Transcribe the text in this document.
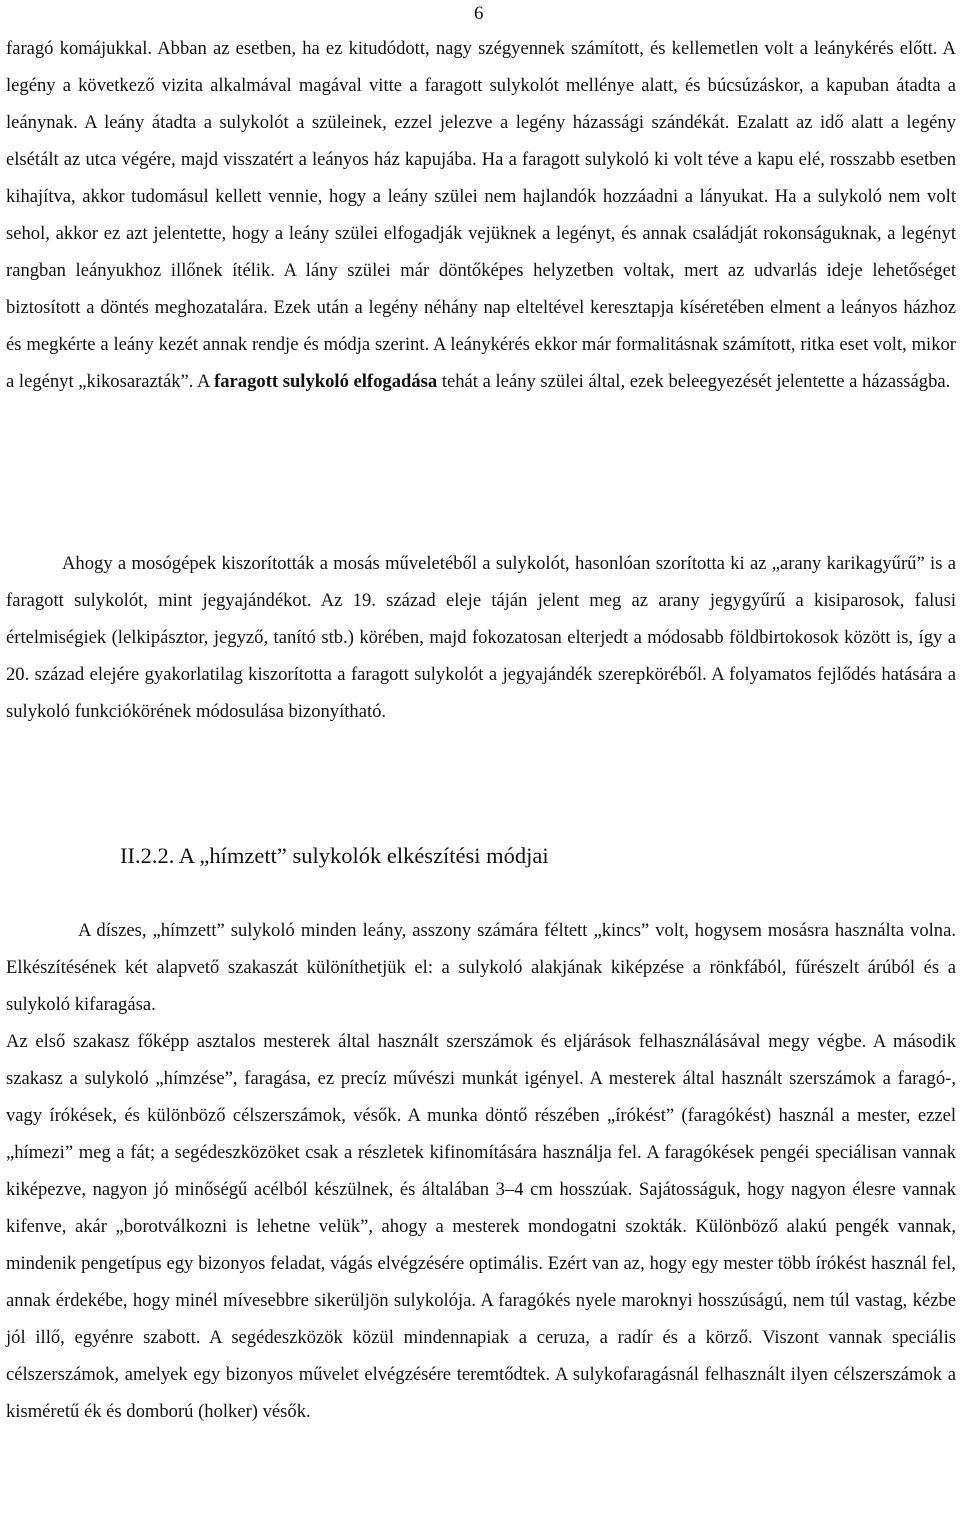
6

faragó komájukkal. Abban az esetben, ha ez kitudódott, nagy szégyennek számított, és kellemetlen volt a leánykérés előtt. A legény a következő vizita alkalmával magával vitte a faragott sulykolót mellénye alatt, és búcsúzáskor, a kapuban átadta a leánynak. A leány átadta a sulykolót a szüleinek, ezzel jelezve a legény házassági szándékát. Ezalatt az idő alatt a legény elsétált az utca végére, majd visszatért a leányos ház kapujába. Ha a faragott sulykoló ki volt téve a kapu elé, rosszabb esetben kihajítva, akkor tudomásul kellett vennie, hogy a leány szülei nem hajlandók hozzáadni a lányukat. Ha a sulykoló nem volt sehol, akkor ez azt jelentette, hogy a leány szülei elfogadják vejüknek a legényt, és annak családját rokonságuknak, a legényt rangban leányukhoz illőnek ítélik. A lány szülei már döntőképes helyzetben voltak, mert az udvarlás ideje lehetőséget biztosított a döntés meghozatalára. Ezek után a legény néhány nap elteltével keresztapja kíséretében elment a leányos házhoz és megkérte a leány kezét annak rendje és módja szerint. A leánykérés ekkor már formalitásnak számított, ritka eset volt, mikor a legényt „kikosarazták”. A faragott sulykoló elfogadása tehát a leány szülei által, ezek beleegyezését jelentette a házasságba.

Ahogy a mosógépek kiszorították a mosás műveletéből a sulykolót, hasonlóan szorította ki az „arany karikagyűrű” is a faragott sulykolót, mint jegyajándékot. Az 19. század eleje táján jelent meg az arany jegygyűrű a kisiparosok, falusi értelmiségiek (lelkipásztor, jegyző, tanító stb.) körében, majd fokozatosan elterjedt a módosabb földbirtokosok között is, így a 20. század elejére gyakorlatilag kiszorította a faragott sulykolót a jegyajándék szerepköréből. A folyamatos fejlődés hatására a sulykoló funkciókörének módosulása bizonyítható.

II.2.2. A „hímzett” sulykolók elkészítési módjai

A díszes, „hímzett” sulykoló minden leány, asszony számára féltett „kincs” volt, hogysem mosásra használta volna. Elkészítésének két alapvető szakaszát különíthetjük el: a sulykoló alakjának kiképzése a rönkfából, fűrészelt árúból és a sulykoló kifaragása.

Az első szakasz főképp asztalos mesterek által használt szerszámok és eljárások felhasználásával megy végbe. A második szakasz a sulykoló „hímzése”, faragása, ez precíz művészi munkát igényel. A mesterek által használt szerszámok a faragó-, vagy írókések, és különböző célszerszámok, vésők. A munka döntő részében „írókést” (faragókést) használ a mester, ezzel „hímezi” meg a fát; a segédeszközöket csak a részletek kifinomítására használja fel. A faragókések pengéi speciálisan vannak kiképezve, nagyon jó minőségű acélból készülnek, és általában 3–4 cm hosszúak. Sajátosságuk, hogy nagyon élesre vannak kifenve, akár „borotválkozni is lehetne velük”, ahogy a mesterek mondogatni szokták. Különböző alakú pengék vannak, mindenik pengetípus egy bizonyos feladat, vágás elvégzésére optimális. Ezért van az, hogy egy mester több írókést használ fel, annak érdekébe, hogy minél mívesebbre sikerüljön sulykolója. A faragókés nyele maroknyi hosszúságú, nem túl vastag, kézbe jól illő, egyénre szabott. A segédeszközök közül mindennapiak a ceruza, a radír és a körző. Viszont vannak speciális célszerszámok, amelyek egy bizonyos művelet elvégzésére teremtődtek. A sulykofaragásnál felhasznált ilyen célszerszámok a kisméretű ék és domború (holker) vésők.
